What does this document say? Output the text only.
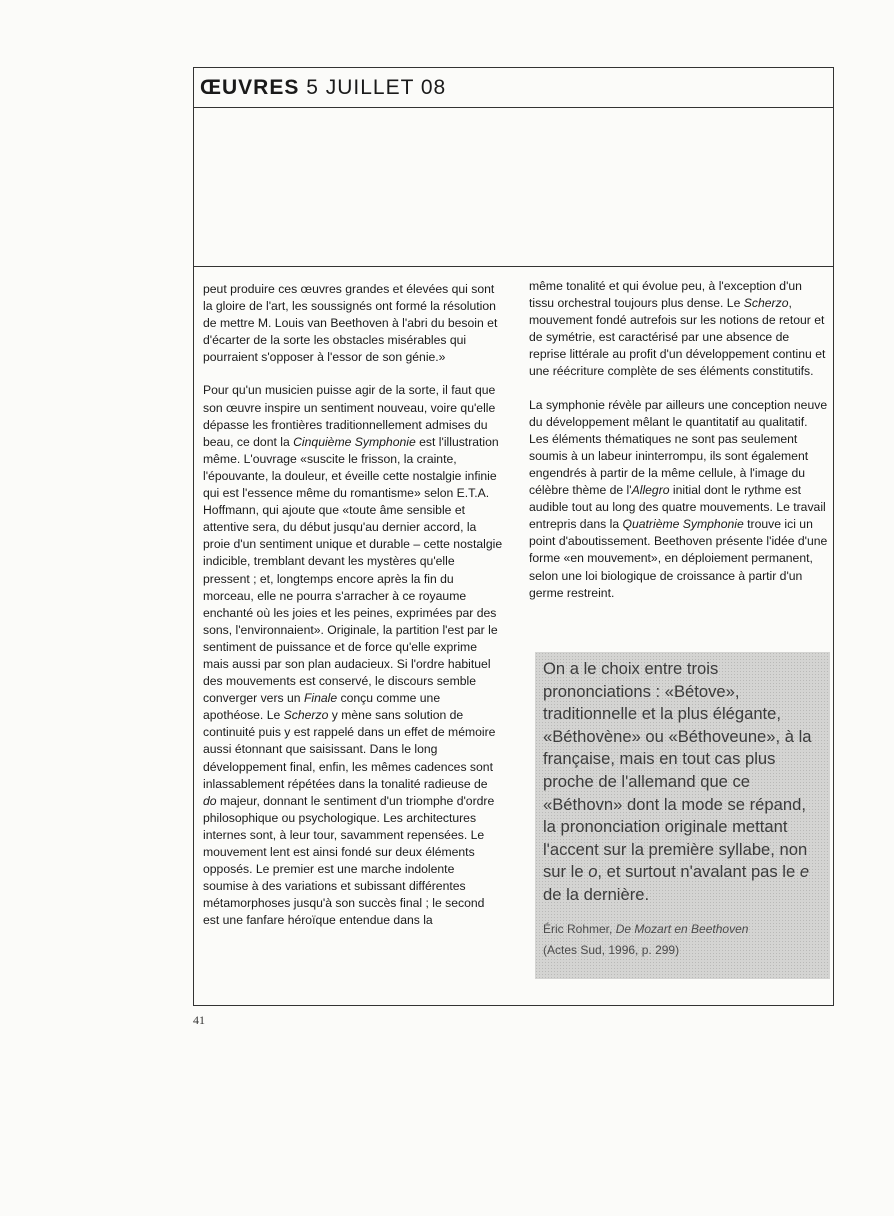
ŒUVRES 5 JUILLET 08

peut produire ces œuvres grandes et élevées qui sont la gloire de l'art, les soussignés ont formé la résolution de mettre M. Louis van Beethoven à l'abri du besoin et d'écarter de la sorte les obstacles misérables qui pourraient s'opposer à l'essor de son génie.»

Pour qu'un musicien puisse agir de la sorte, il faut que son œuvre inspire un sentiment nouveau, voire qu'elle dépasse les frontières traditionnellement admises du beau, ce dont la Cinquième Symphonie est l'illustration même. L'ouvrage «suscite le frisson, la crainte, l'épouvante, la douleur, et éveille cette nostalgie infinie qui est l'essence même du romantisme» selon E.T.A. Hoffmann, qui ajoute que «toute âme sensible et attentive sera, du début jusqu'au dernier accord, la proie d'un sentiment unique et durable – cette nostalgie indicible, tremblant devant les mystères qu'elle pressent ; et, longtemps encore après la fin du morceau, elle ne pourra s'arracher à ce royaume enchanté où les joies et les peines, exprimées par des sons, l'environnaient». Originale, la partition l'est par le sentiment de puissance et de force qu'elle exprime mais aussi par son plan audacieux. Si l'ordre habituel des mouvements est conservé, le discours semble converger vers un Finale conçu comme une apothéose. Le Scherzo y mène sans solution de continuité puis y est rappelé dans un effet de mémoire aussi étonnant que saisissant. Dans le long développement final, enfin, les mêmes cadences sont inlassablement répétées dans la tonalité radieuse de do majeur, donnant le sentiment d'un triomphe d'ordre philosophique ou psychologique. Les architectures internes sont, à leur tour, savamment repensées. Le mouvement lent est ainsi fondé sur deux éléments opposés. Le premier est une marche indolente soumise à des variations et subissant différentes métamorphoses jusqu'à son succès final ; le second est une fanfare héroïque entendue dans la

même tonalité et qui évolue peu, à l'exception d'un tissu orchestral toujours plus dense. Le Scherzo, mouvement fondé autrefois sur les notions de retour et de symétrie, est caractérisé par une absence de reprise littérale au profit d'un développement continu et une réécriture complète de ses éléments constitutifs.

La symphonie révèle par ailleurs une conception neuve du développement mêlant le quantitatif au qualitatif. Les éléments thématiques ne sont pas seulement soumis à un labeur ininterrompu, ils sont également engendrés à partir de la même cellule, à l'image du célèbre thème de l'Allegro initial dont le rythme est audible tout au long des quatre mouvements. Le travail entrepris dans la Quatrième Symphonie trouve ici un point d'aboutissement. Beethoven présente l'idée d'une forme «en mouvement», en déploiement permanent, selon une loi biologique de croissance à partir d'un germe restreint.

On a le choix entre trois prononciations : «Bétove», traditionnelle et la plus élégante, «Béthovène» ou «Béthoveune», à la française, mais en tout cas plus proche de l'allemand que ce «Béthovn» dont la mode se répand, la prononciation originale mettant l'accent sur la première syllabe, non sur le o, et surtout n'avalant pas le e de la dernière.

Éric Rohmer, De Mozart en Beethoven
(Actes Sud, 1996, p. 299)
41
